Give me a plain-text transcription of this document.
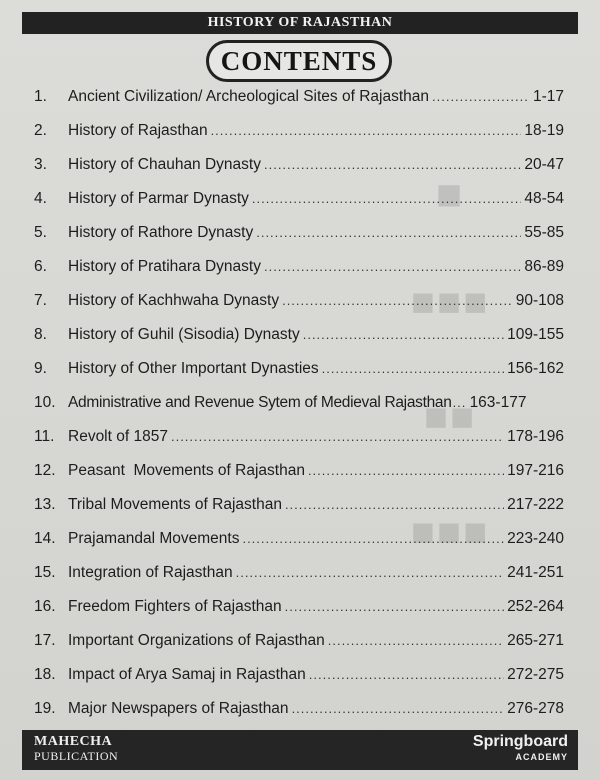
■
■■■
■■
■■■
HISTORY OF RAJASTHAN
CONTENTS
1.	Ancient Civilization/ Archeological Sites of Rajasthan .....	1-17
2.	History of Rajasthan .....	18-19
3.	History of Chauhan Dynasty .....	20-47
4.	History of Parmar Dynasty .....	48-54
5.	History of Rathore Dynasty .....	55-85
6.	History of Pratihara Dynasty .....	86-89
7.	History of Kachhwaha Dynasty .....	90-108
8.	History of Guhil (Sisodia) Dynasty .....	109-155
9.	History of Other Important Dynasties .....	156-162
10. Administrative and Revenue Sytem of Medieval Rajasthan ..... 163-177
11. Revolt of 1857 .....	178-196
12. Peasant  Movements of Rajasthan .....	197-216
13. Tribal Movements of Rajasthan .....	217-222
14. Prajamandal Movements .....	223-240
15. Integration of Rajasthan .....	241-251
16. Freedom Fighters of Rajasthan .....	252-264
17. Important Organizations of Rajasthan .....	265-271
18. Impact of Arya Samaj in Rajasthan .....	272-275
19. Major Newspapers of Rajasthan .....	276-278
MAHECHA
PUBLICATION
Springboard
ACADEMY
